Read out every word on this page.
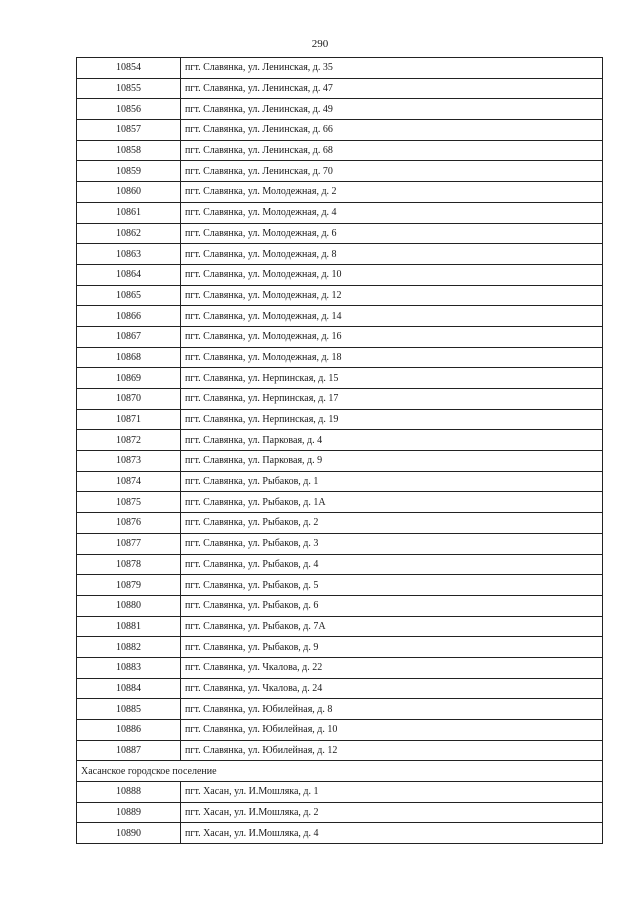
290
10854	пгт. Славянка, ул. Ленинская, д. 35
10855	пгт. Славянка, ул. Ленинская, д. 47
10856	пгт. Славянка, ул. Ленинская, д. 49
10857	пгт. Славянка, ул. Ленинская, д. 66
10858	пгт. Славянка, ул. Ленинская, д. 68
10859	пгт. Славянка, ул. Ленинская, д. 70
10860	пгт. Славянка, ул. Молодежная, д. 2
10861	пгт. Славянка, ул. Молодежная, д. 4
10862	пгт. Славянка, ул. Молодежная, д. 6
10863	пгт. Славянка, ул. Молодежная, д. 8
10864	пгт. Славянка, ул. Молодежная, д. 10
10865	пгт. Славянка, ул. Молодежная, д. 12
10866	пгт. Славянка, ул. Молодежная, д. 14
10867	пгт. Славянка, ул. Молодежная, д. 16
10868	пгт. Славянка, ул. Молодежная, д. 18
10869	пгт. Славянка, ул. Нерпинская, д. 15
10870	пгт. Славянка, ул. Нерпинская, д. 17
10871	пгт. Славянка, ул. Нерпинская, д. 19
10872	пгт. Славянка, ул. Парковая, д. 4
10873	пгт. Славянка, ул. Парковая, д. 9
10874	пгт. Славянка, ул. Рыбаков, д. 1
10875	пгт. Славянка, ул. Рыбаков, д. 1А
10876	пгт. Славянка, ул. Рыбаков, д. 2
10877	пгт. Славянка, ул. Рыбаков, д. 3
10878	пгт. Славянка, ул. Рыбаков, д. 4
10879	пгт. Славянка, ул. Рыбаков, д. 5
10880	пгт. Славянка, ул. Рыбаков, д. 6
10881	пгт. Славянка, ул. Рыбаков, д. 7А
10882	пгт. Славянка, ул. Рыбаков, д. 9
10883	пгт. Славянка, ул. Чкалова, д. 22
10884	пгт. Славянка, ул. Чкалова, д. 24
10885	пгт. Славянка, ул. Юбилейная, д. 8
10886	пгт. Славянка, ул. Юбилейная, д. 10
10887	пгт. Славянка, ул. Юбилейная, д. 12
Хасанское городское поселение	
10888	пгт. Хасан, ул. И.Мошляка, д. 1
10889	пгт. Хасан, ул. И.Мошляка, д. 2
10890	пгт. Хасан, ул. И.Мошляка, д. 4
